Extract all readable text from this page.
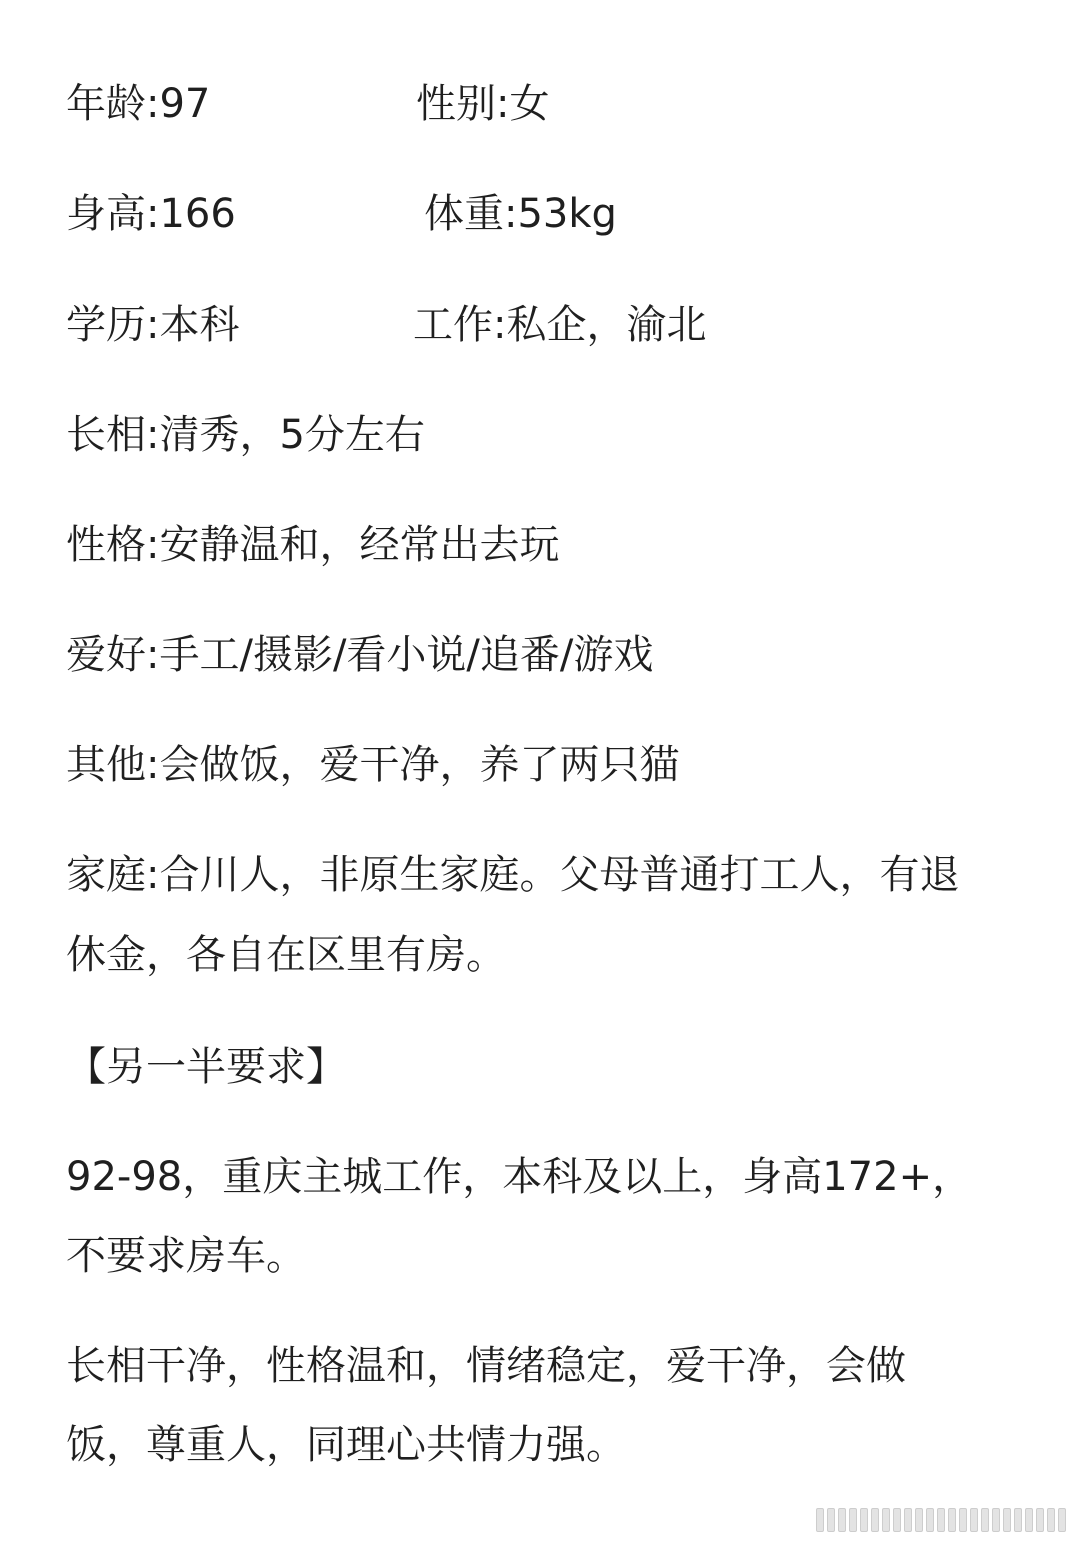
年龄:97	性别:女
身高:166	体重:53kg
学历:本科	工作:私企，渝北
长相:清秀，5分左右
性格:安静温和，经常出去玩
爱好:手工/摄影/看小说/追番/游戏
其他:会做饭，爱干净，养了两只猫
家庭:合川人，非原生家庭。父母普通打工人，有退
休金，各自在区里有房。
【另一半要求】
92-98，重庆主城工作，本科及以上，身高172+，
不要求房车。
长相干净，性格温和，情绪稳定，爱干净，会做
饭，尊重人，同理心共情力强。
